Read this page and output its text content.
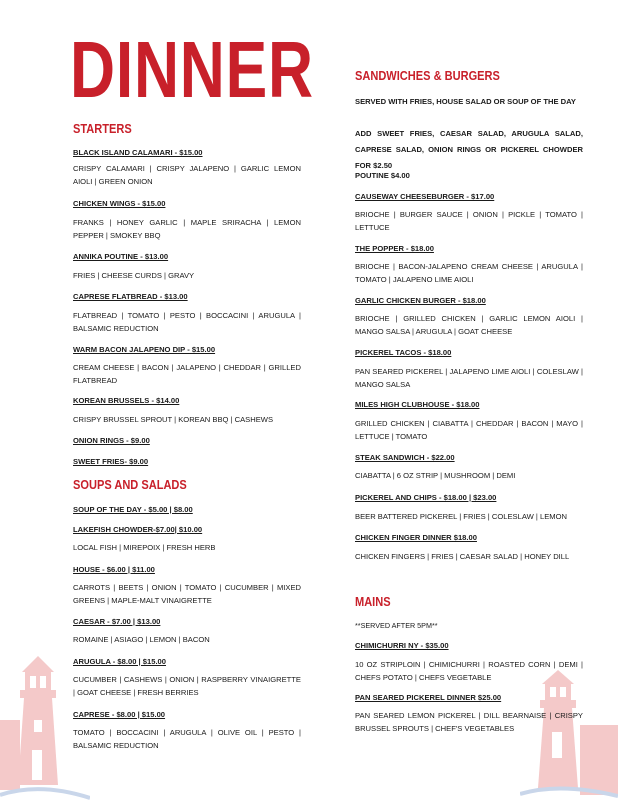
DINNER
STARTERS

BLACK ISLAND CALAMARI - $15.00

CRISPY CALAMARI | CRISPY JALAPENO | GARLIC LEMON AIOLI | GREEN ONION

CHICKEN WINGS - $15.00

FRANKS | HONEY GARLIC | MAPLE SRIRACHA | LEMON PEPPER | SMOKEY BBQ

ANNIKA POUTINE - $13.00

FRIES | CHEESE CURDS | GRAVY

CAPRESE FLATBREAD - $13.00

FLATBREAD | TOMATO | PESTO | BOCCACINI | ARUGULA | BALSAMIC REDUCTION

WARM BACON JALAPENO DIP - $15.00

CREAM CHEESE | BACON | JALAPENO | CHEDDAR | GRILLED FLATBREAD

KOREAN BRUSSELS - $14.00

CRISPY BRUSSEL SPROUT | KOREAN BBQ | CASHEWS

ONION RINGS - $9.00

SWEET FRIES- $9.00

SOUPS AND SALADS

SOUP OF THE DAY - $5.00 | $8.00

LAKEFISH CHOWDER-$7.00| $10.00

LOCAL FISH | MIREPOIX | FRESH HERB

HOUSE - $6.00 | $11.00

CARROTS | BEETS | ONION | TOMATO | CUCUMBER | MIXED GREENS | MAPLE-MALT VINAIGRETTE

CAESAR - $7.00 | $13.00

ROMAINE | ASIAGO | LEMON | BACON

ARUGULA - $8.00 | $15.00

CUCUMBER | CASHEWS | ONION | RASPBERRY VINAIGRETTE | GOAT CHEESE | FRESH BERRIES

CAPRESE - $8.00 | $15.00

TOMATO | BOCCACINI | ARUGULA | OLIVE OIL | PESTO | BALSAMIC REDUCTION

SANDWICHES & BURGERS

SERVED WITH FRIES, HOUSE SALAD OR SOUP OF THE DAY

ADD SWEET FRIES, CAESAR SALAD, ARUGULA SALAD, CAPRESE SALAD, ONION RINGS OR PICKEREL CHOWDER FOR $2.50

POUTINE $4.00

CAUSEWAY CHEESEBURGER - $17.00

BRIOCHE | BURGER SAUCE | ONION | PICKLE | TOMATO | LETTUCE

THE POPPER - $18.00

BRIOCHE | BACON-JALAPENO CREAM CHEESE | ARUGULA | TOMATO | JALAPENO LIME AIOLI

GARLIC CHICKEN BURGER - $18.00

BRIOCHE | GRILLED CHICKEN | GARLIC LEMON AIOLI | MANGO SALSA | ARUGULA | GOAT CHEESE

PICKEREL TACOS - $18.00

PAN SEARED PICKEREL | JALAPENO LIME AIOLI | COLESLAW | MANGO SALSA

MILES HIGH CLUBHOUSE - $18.00

GRILLED CHICKEN | CIABATTA | CHEDDAR | BACON | MAYO | LETTUCE | TOMATO

STEAK SANDWICH - $22.00

CIABATTA | 6 OZ STRIP | MUSHROOM | DEMI

PICKEREL AND CHIPS - $18.00 | $23.00

BEER BATTERED PICKEREL | FRIES | COLESLAW | LEMON

CHICKEN FINGER DINNER $18.00

CHICKEN FINGERS | FRIES | CAESAR SALAD | HONEY DILL

MAINS

**SERVED AFTER 5PM**

CHIMICHURRI NY - $35.00

10 OZ STRIPLOIN | CHIMICHURRI | ROASTED CORN | DEMI | CHEFS POTATO | CHEFS VEGETABLE

PAN SEARED PICKEREL DINNER $25.00

PAN SEARED LEMON PICKEREL | DILL BEARNAISE | CRISPY BRUSSEL SPROUTS | CHEF'S VEGETABLES
